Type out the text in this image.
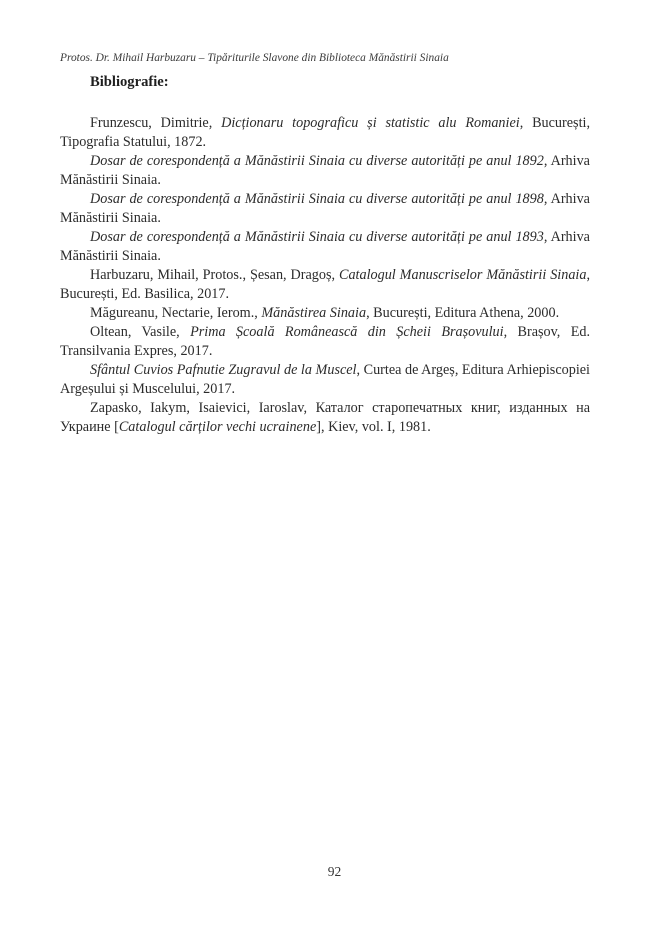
Protos. Dr. Mihail Harbuzaru – Tipăriturile Slavone din Biblioteca Mănăstirii Sinaia
Bibliografie:

Frunzescu, Dimitrie, Dicționaru topograficu și statistic alu Romaniei, București, Tipografia Statului, 1872.

Dosar de corespondență a Mănăstirii Sinaia cu diverse autorități pe anul 1892, Arhiva Mănăstirii Sinaia.

Dosar de corespondență a Mănăstirii Sinaia cu diverse autorități pe anul 1898, Arhiva Mănăstirii Sinaia.

Dosar de corespondență a Mănăstirii Sinaia cu diverse autorități pe anul 1893, Arhiva Mănăstirii Sinaia.

Harbuzaru, Mihail, Protos., Șesan, Dragoș, Catalogul Manuscriselor Mănăstirii Sinaia, București, Ed. Basilica, 2017.

Măgureanu, Nectarie, Ierom., Mănăstirea Sinaia, București, Editura Athena, 2000.

Oltean, Vasile, Prima Școală Românească din Șcheii Brașovului, Brașov, Ed. Transilvania Expres, 2017.

Sfântul Cuvios Pafnutie Zugravul de la Muscel, Curtea de Argeș, Editura Arhiepiscopiei Argeșului și Muscelului, 2017.

Zapasko, Iakym, Isaievici, Iaroslav, Каталог старопечатных книг, изданных на Украине [Catalogul cărților vechi ucrainene], Kiev, vol. I, 1981.

92
